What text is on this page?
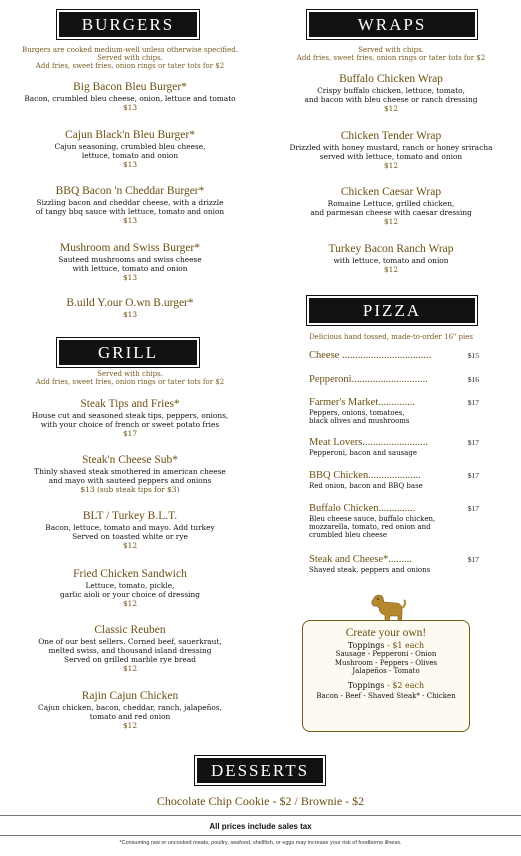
BURGERS
Burgers are cooked medium-well unless otherwise specified.
Served with chips.
Add fries, sweet fries, onion rings or tater tots for $2
Big Bacon Bleu Burger*
Bacon, crumbled bleu cheese, onion, lettuce and tomato
$13
Cajun Black'n Bleu Burger*
Cajun seasoning, crumbled bleu cheese,
lettuce, tomato and onion
$13
BBQ Bacon 'n Cheddar Burger*
Sizzling bacon and cheddar cheese, with a drizzle
of tangy bbq sauce with lettuce, tomato and onion
$13
Mushroom and Swiss Burger*
Sauteed mushrooms and swiss cheese
with lettuce, tomato and onion
$13
B.uild Y.our O.wn B.urger*
$13
GRILL
Served with chips.
Add fries, sweet fries, onion rings or tater tots for $2
Steak Tips and Fries*
House cut and seasoned steak tips, peppers, onions,
with your choice of french or sweet potato fries
$17
Steak'n Cheese Sub*
Thinly shaved steak smothered in american cheese
and mayo with sauteed peppers and onions
$13 (sub steak tips for $3)
BLT / Turkey B.L.T.
Bacon, lettuce, tomato and mayo. Add turkey
Served on toasted white or rye
$12
Fried Chicken Sandwich
Lettuce, tomato, pickle,
garlic aioli or your choice of dressing
$12
Classic Reuben
One of our best sellers. Corned beef, sauerkraut,
melted swiss, and thousand island dressing
Served on grilled marble rye bread
$12
Rajin Cajun Chicken
Cajun chicken, bacon, cheddar, ranch, jalapeños,
tomato and red onion
$12
WRAPS
Served with chips.
Add fries, sweet fries, onion rings or tater tots for $2
Buffalo Chicken Wrap
Crispy buffalo chicken, lettuce, tomato,
and bacon with bleu cheese or ranch dressing
$12
Chicken Tender Wrap
Drizzled with honey mustard, ranch or honey sriracha
served with lettuce, tomato and onion
$12
Chicken Caesar Wrap
Romaine Lettuce, grilled chicken,
and parmesan cheese with caesar dressing
$12
Turkey Bacon Ranch Wrap
with lettuce, tomato and onion
$12
PIZZA
Delicious hand tossed, made-to-order 16" pies
Cheese ..................................	$15
Pepperoni.............................	$16
Farmer's Market..............	$17
Peppers, onions, tomatoes,
black olives and mushrooms
Meat Lovers.........................	$17
Pepperoni, bacon and sausage
BBQ Chicken....................	$17
Red onion, bacon and BBQ base
Buffalo Chicken..............	$17
Bleu cheese sauce, buffalo chicken,
mozzarella, tomato, red onion and
crumbled bleu cheese
Steak and Cheese*.........	$17
Shaved steak, peppers and onions
Create your own!
Toppings - $1 each
Sausage - Pepperoni - Onion
Mushroom - Peppers - Olives
Jalapeños - Tomato
Toppings - $2 each
Bacon - Beef - Shaved Steak* - Chicken
DESSERTS
Chocolate Chip Cookie - $2 / Brownie - $2
All prices include sales tax
*Consuming raw or uncooked meats, poultry, seafood, shellfish, or eggs may increase your risk of foodborne illness.
